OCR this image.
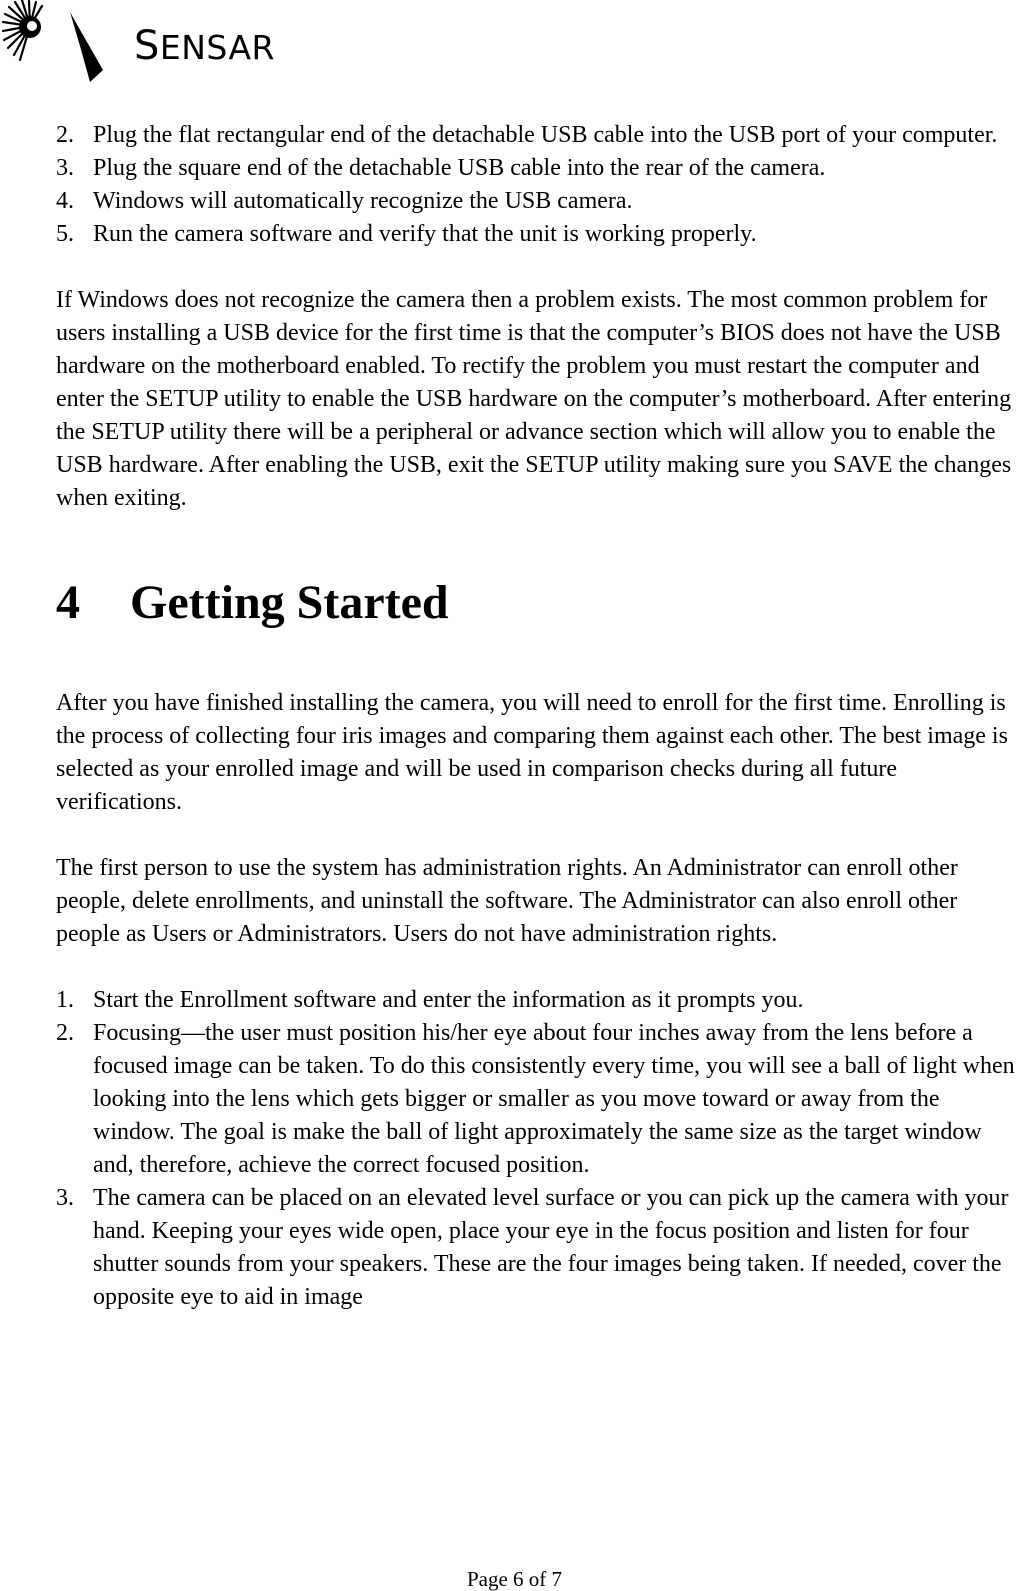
SENSAR
2. Plug the flat rectangular end of the detachable USB cable into the USB port of your computer.
3. Plug the square end of the detachable USB cable into the rear of the camera.
4. Windows will automatically recognize the USB camera.
5. Run the camera software and verify that the unit is working properly.

If Windows does not recognize the camera then a problem exists. The most common problem for users installing a USB device for the first time is that the computer’s BIOS does not have the USB hardware on the motherboard enabled. To rectify the problem you must restart the computer and enter the SETUP utility to enable the USB hardware on the computer’s motherboard. After entering the SETUP utility there will be a peripheral or advance section which will allow you to enable the USB hardware. After enabling the USB, exit the SETUP utility making sure you SAVE the changes when exiting.

4	Getting Started

After you have finished installing the camera, you will need to enroll for the first time. Enrolling is the process of collecting four iris images and comparing them against each other. The best image is selected as your enrolled image and will be used in comparison checks during all future verifications.

The first person to use the system has administration rights. An Administrator can enroll other people, delete enrollments, and uninstall the software. The Administrator can also enroll other people as Users or Administrators. Users do not have administration rights.

1. Start the Enrollment software and enter the information as it prompts you.
2. Focusing—the user must position his/her eye about four inches away from the lens before a focused image can be taken. To do this consistently every time, you will see a ball of light when looking into the lens which gets bigger or smaller as you move toward or away from the window. The goal is make the ball of light approximately the same size as the target window and, therefore, achieve the correct focused position.
3. The camera can be placed on an elevated level surface or you can pick up the camera with your hand. Keeping your eyes wide open, place your eye in the focus position and listen for four shutter sounds from your speakers. These are the four images being taken. If needed, cover the opposite eye to aid in image
Page 6 of 7
